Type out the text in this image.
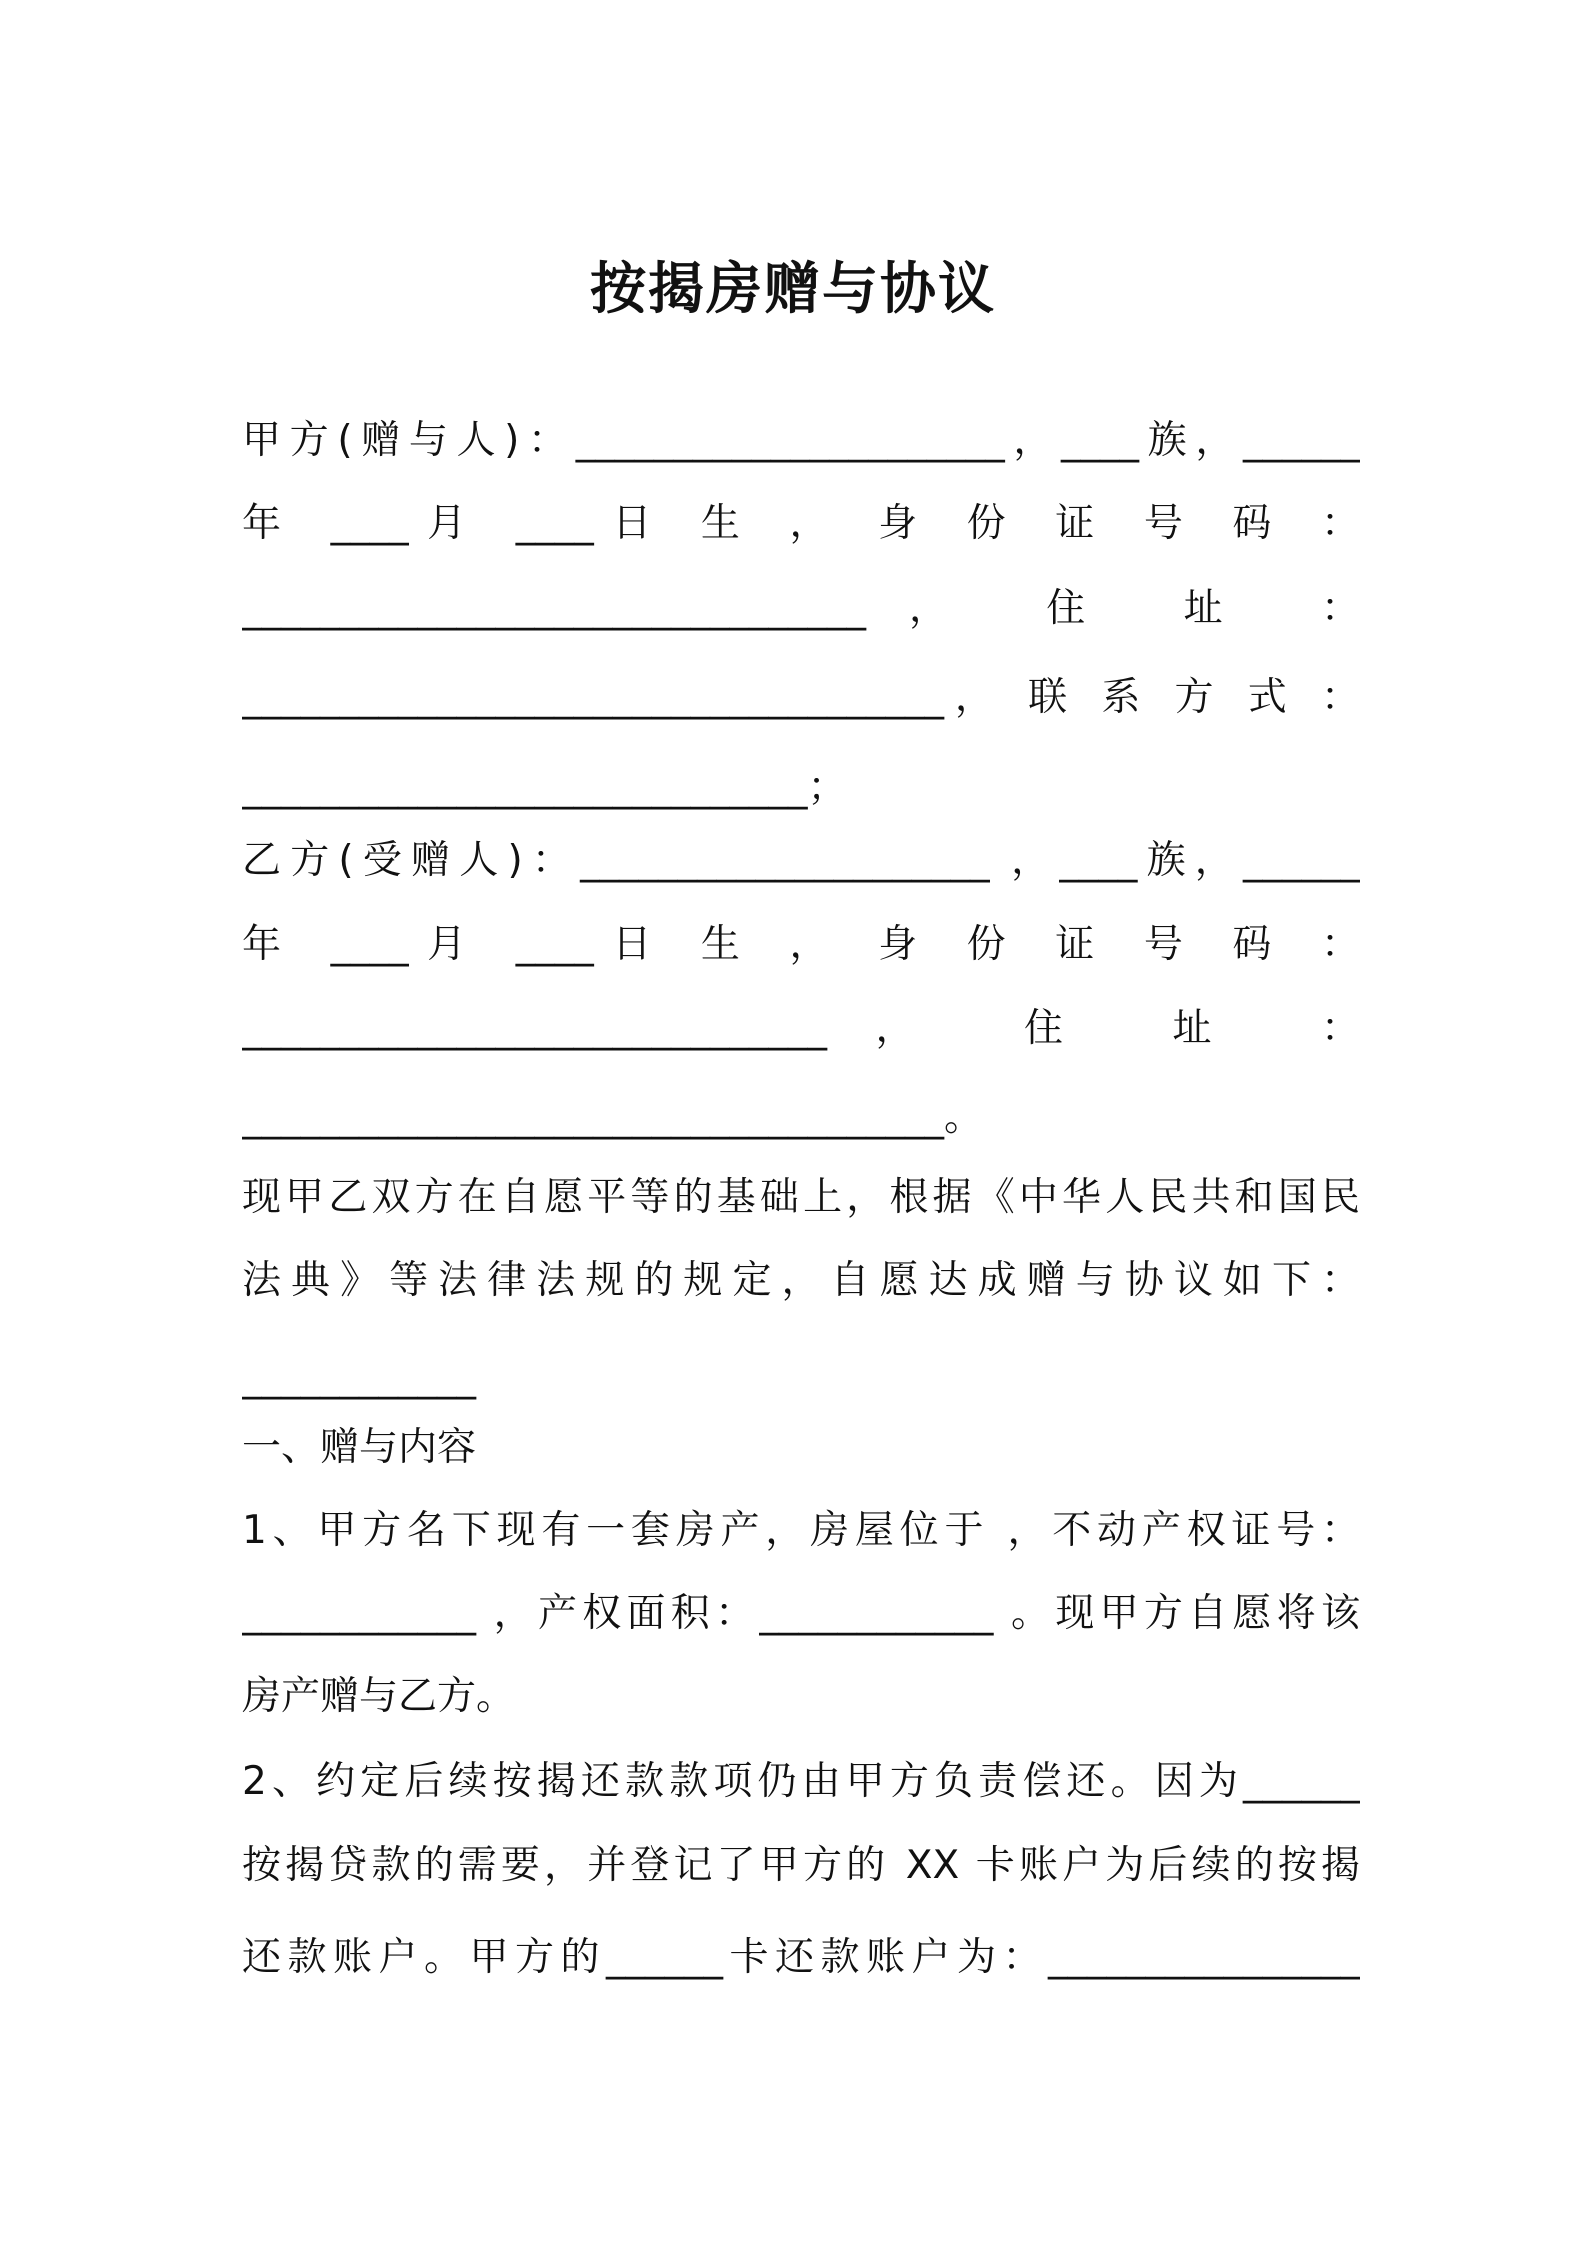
按揭房赠与协议
甲方(赠与人)：______________________，____族，______
年 ____月 ____日 生 ， 身 份 证 号 码 ：
________________________________， 住 址 ：
____________________________________， 联 系 方 式 ：
_____________________________；
乙方(受赠人)：_____________________ ，____族，______
年 ____月 ____日 生 ， 身 份 证 号 码 ：
______________________________， 住 址 ：
____________________________________。
现甲乙双方在自愿平等的基础上，根据《中华人民共和国民
法典》等法律法规的规定，自愿达成赠与协议如下：
____________
一、赠与内容
1、甲方名下现有一套房产，房屋位于 ，不动产权证号：
____________ ，产权面积：____________ 。现甲方自愿将该
房产赠与乙方。
2、约定后续按揭还款款项仍由甲方负责偿还。因为______
按揭贷款的需要，并登记了甲方的 XX 卡账户为后续的按揭
还款账户。甲方的______卡还款账户为：________________
